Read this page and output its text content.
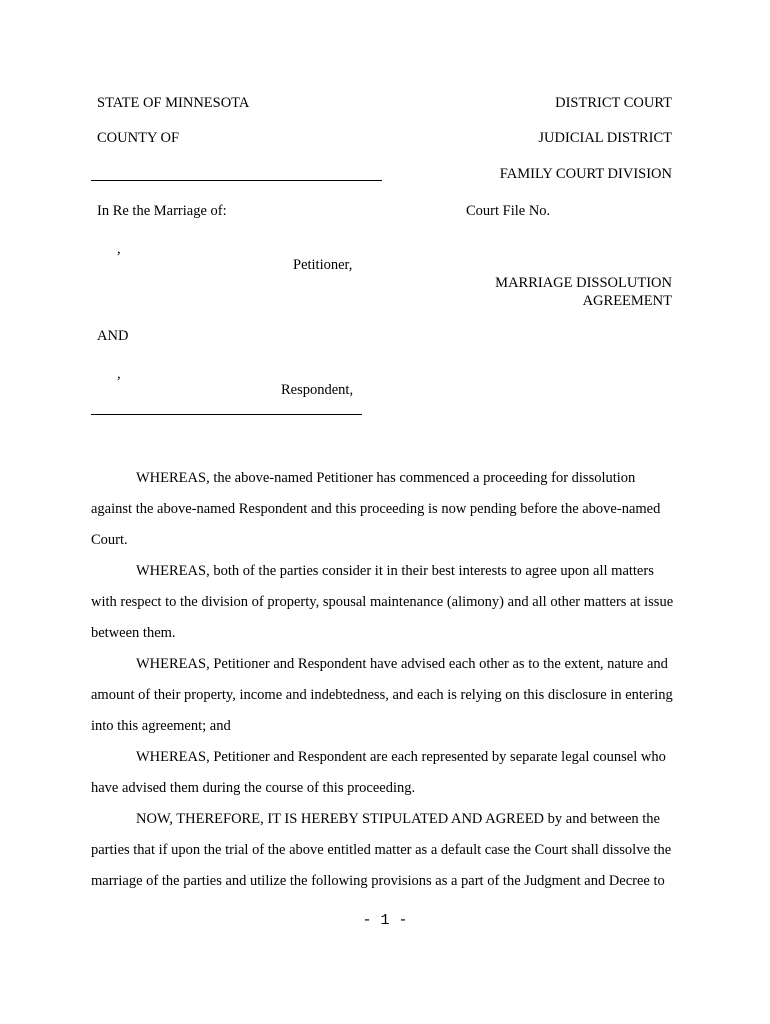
STATE OF MINNESOTA	DISTRICT COURT
COUNTY OF	JUDICIAL DISTRICT
FAMILY COURT DIVISION
In Re the Marriage of:	Court File No.
,
Petitioner,
MARRIAGE DISSOLUTION
AGREEMENT
AND
,
Respondent,
WHEREAS, the above-named Petitioner has commenced a proceeding for dissolution
against the above-named Respondent and this proceeding is now pending before the above-named
Court.
WHEREAS, both of the parties consider it in their best interests to agree upon all matters
with respect to the division of property, spousal maintenance (alimony) and all other matters at issue
between them.
WHEREAS, Petitioner and Respondent have advised each other as to the extent, nature and
amount of their property, income and indebtedness, and each is relying on this disclosure in entering
into this agreement; and
WHEREAS, Petitioner and Respondent are each represented by separate legal counsel who
have advised them during the course of this proceeding.
NOW, THEREFORE, IT IS HEREBY STIPULATED AND AGREED by and between the
parties that if upon the trial of the above entitled matter as a default case the Court shall dissolve the
marriage of the parties and utilize the following provisions as a part of the Judgment and Decree to
- 1 -
